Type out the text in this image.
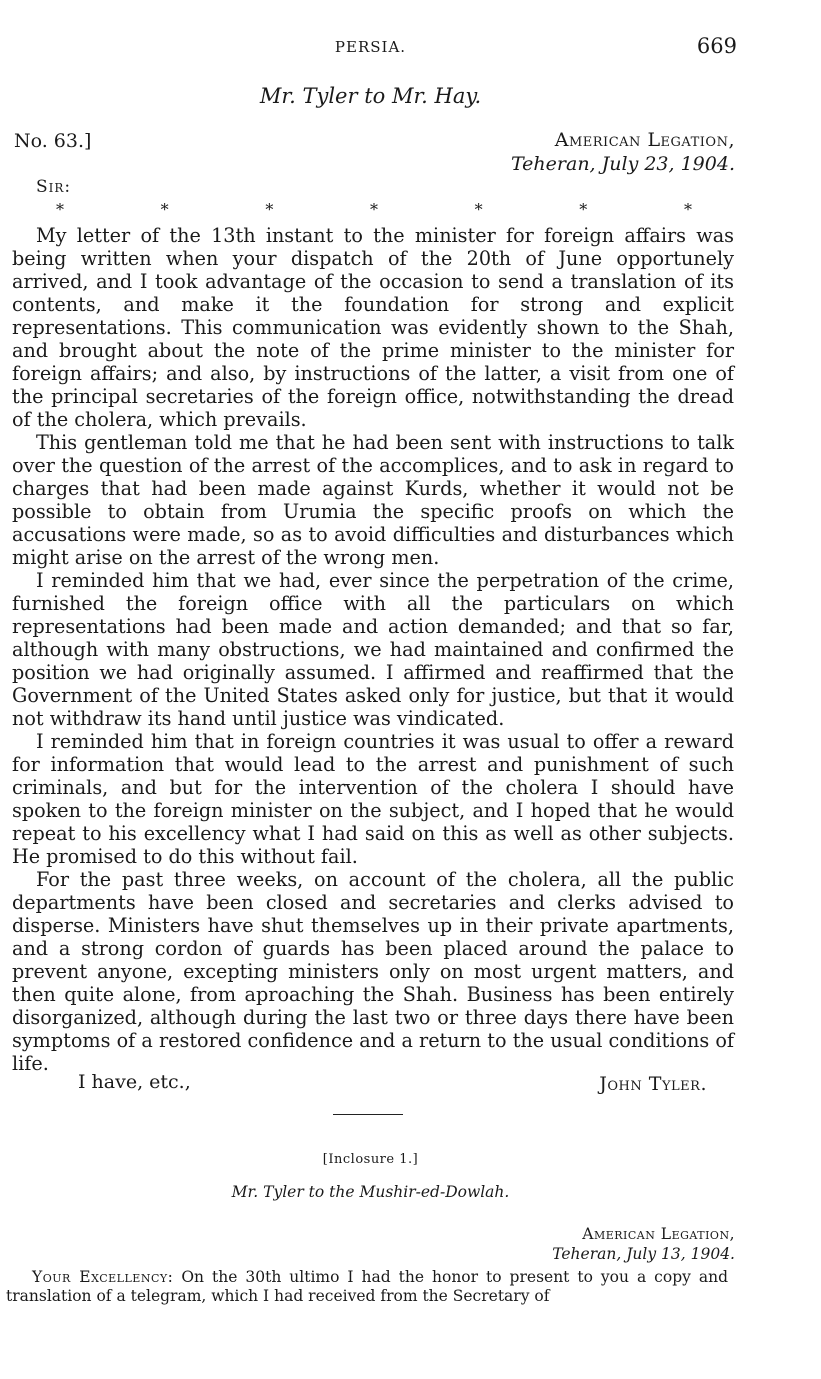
PERSIA.	669
Mr. Tyler to Mr. Hay.
No. 63.]	American Legation,
Teheran, July 23, 1904.
Sir:
*	*	*	*	*	*	*

My letter of the 13th instant to the minister for foreign affairs was being written when your dispatch of the 20th of June opportunely arrived, and I took advantage of the occasion to send a translation of its contents, and make it the foundation for strong and explicit representations. This communication was evidently shown to the Shah, and brought about the note of the prime minister to the minister for foreign affairs; and also, by instructions of the latter, a visit from one of the principal secretaries of the foreign office, notwithstanding the dread of the cholera, which prevails.

This gentleman told me that he had been sent with instructions to talk over the question of the arrest of the accomplices, and to ask in regard to charges that had been made against Kurds, whether it would not be possible to obtain from Urumia the specific proofs on which the accusations were made, so as to avoid difficulties and disturbances which might arise on the arrest of the wrong men.

I reminded him that we had, ever since the perpetration of the crime, furnished the foreign office with all the particulars on which representations had been made and action demanded; and that so far, although with many obstructions, we had maintained and confirmed the position we had originally assumed. I affirmed and reaffirmed that the Government of the United States asked only for justice, but that it would not withdraw its hand until justice was vindicated.

I reminded him that in foreign countries it was usual to offer a reward for information that would lead to the arrest and punishment of such criminals, and but for the intervention of the cholera I should have spoken to the foreign minister on the subject, and I hoped that he would repeat to his excellency what I had said on this as well as other subjects. He promised to do this without fail.

For the past three weeks, on account of the cholera, all the public departments have been closed and secretaries and clerks advised to disperse. Ministers have shut themselves up in their private apartments, and a strong cordon of guards has been placed around the palace to prevent anyone, excepting ministers only on most urgent matters, and then quite alone, from aproaching the Shah. Business has been entirely disorganized, although during the last two or three days there have been symptoms of a restored confidence and a return to the usual conditions of life.

I have, etc.,	John Tyler.
[Inclosure 1.]
Mr. Tyler to the Mushir-ed-Dowlah.
American Legation,
Teheran, July 13, 1904.

Your Excellency: On the 30th ultimo I had the honor to present to you a copy and translation of a telegram, which I had received from the Secretary of
